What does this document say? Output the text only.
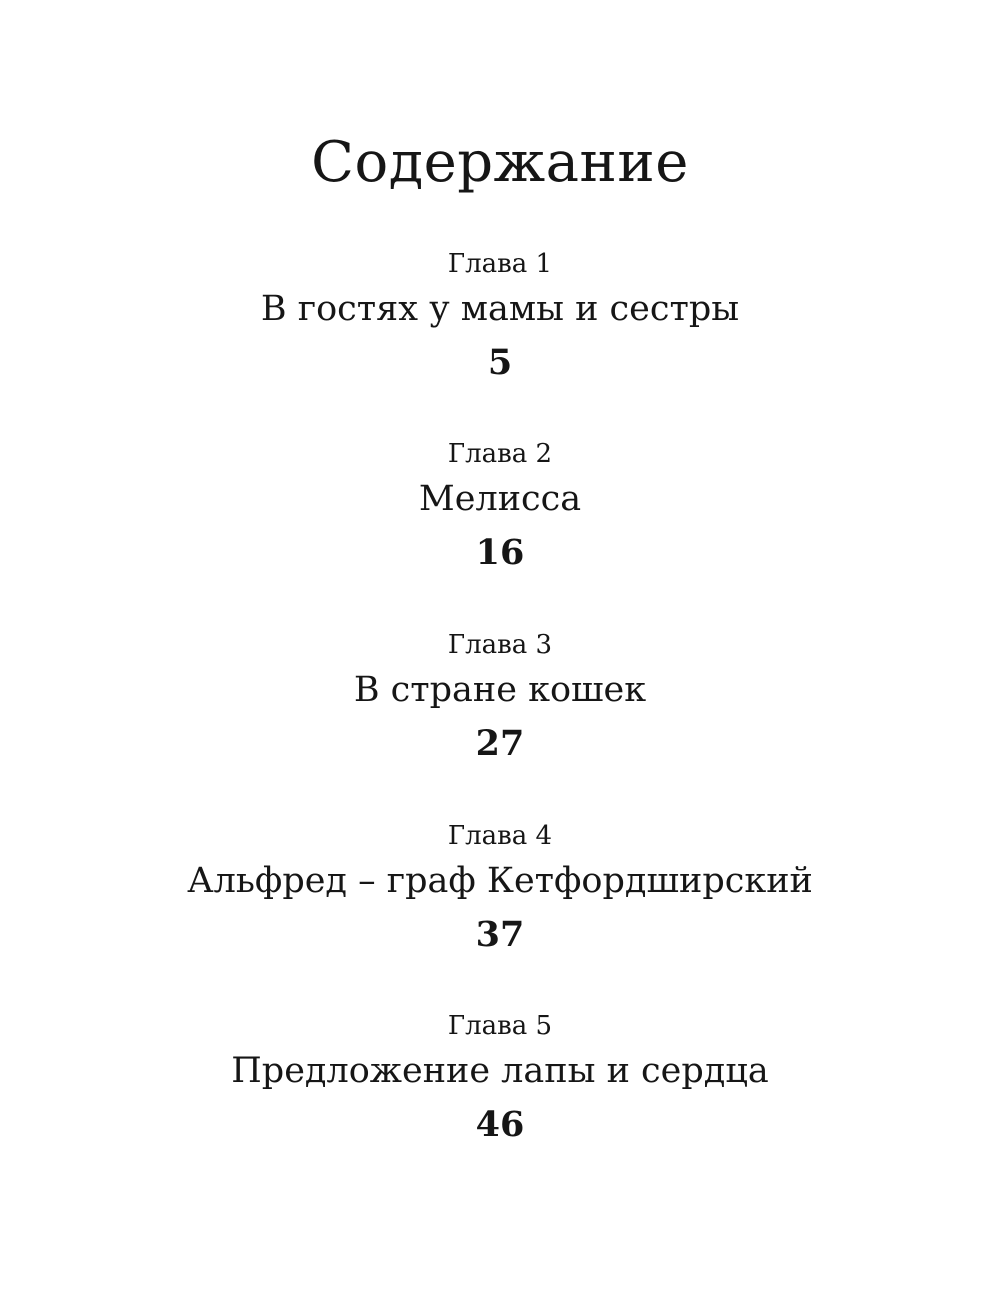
Содержание
Глава 1
В гостях у мамы и сестры
5
Глава 2
Мелисса
16
Глава 3
В стране кошек
27
Глава 4
Альфред – граф Кетфордширский
37
Глава 5
Предложение лапы и сердца
46
